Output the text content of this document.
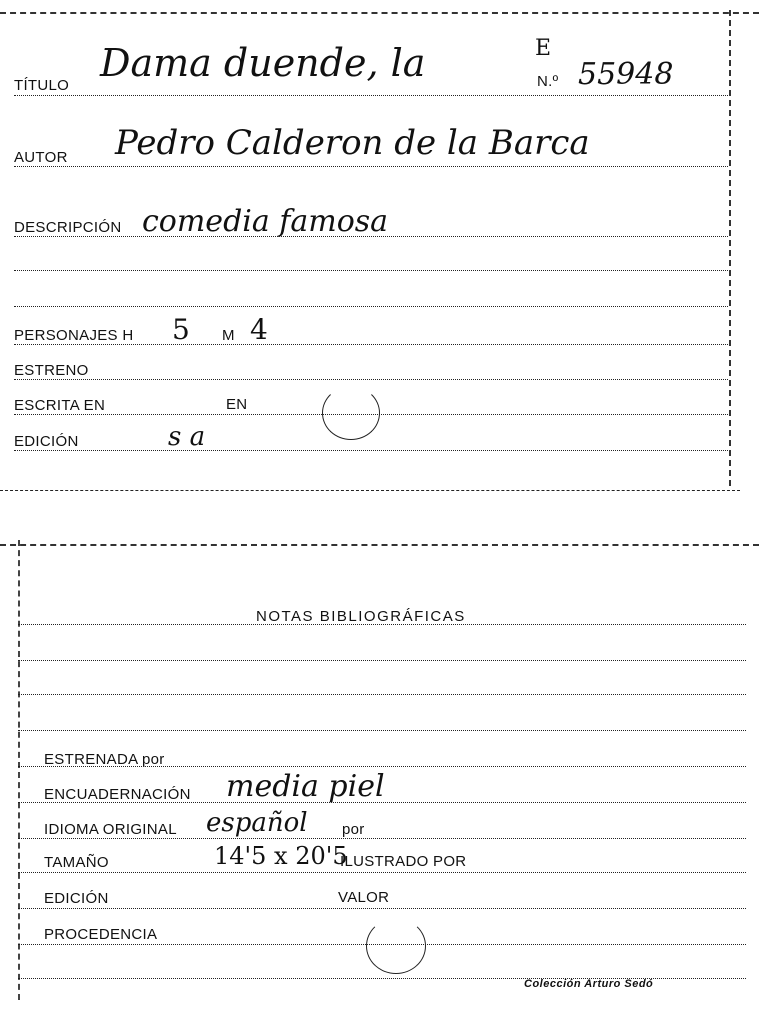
TÍTULO
Dama duende, la	E
N.º 55948
AUTOR Pedro Calderon de la Barca
DESCRIPCIÓN comedia famosa
PERSONAJES H 5 M 4
ESTRENO
ESCRITA EN	EN
EDICIÓN	s a
NOTAS BIBLIOGRÁFICAS
ESTRENADA por
ENCUADERNACIÓN media piel
IDIOMA ORIGINAL español por
TAMAÑO	14'5 x 20'5
ILUSTRADO POR
EDICIÓN	VALOR
PROCEDENCIA
Colección Arturo Sedó
